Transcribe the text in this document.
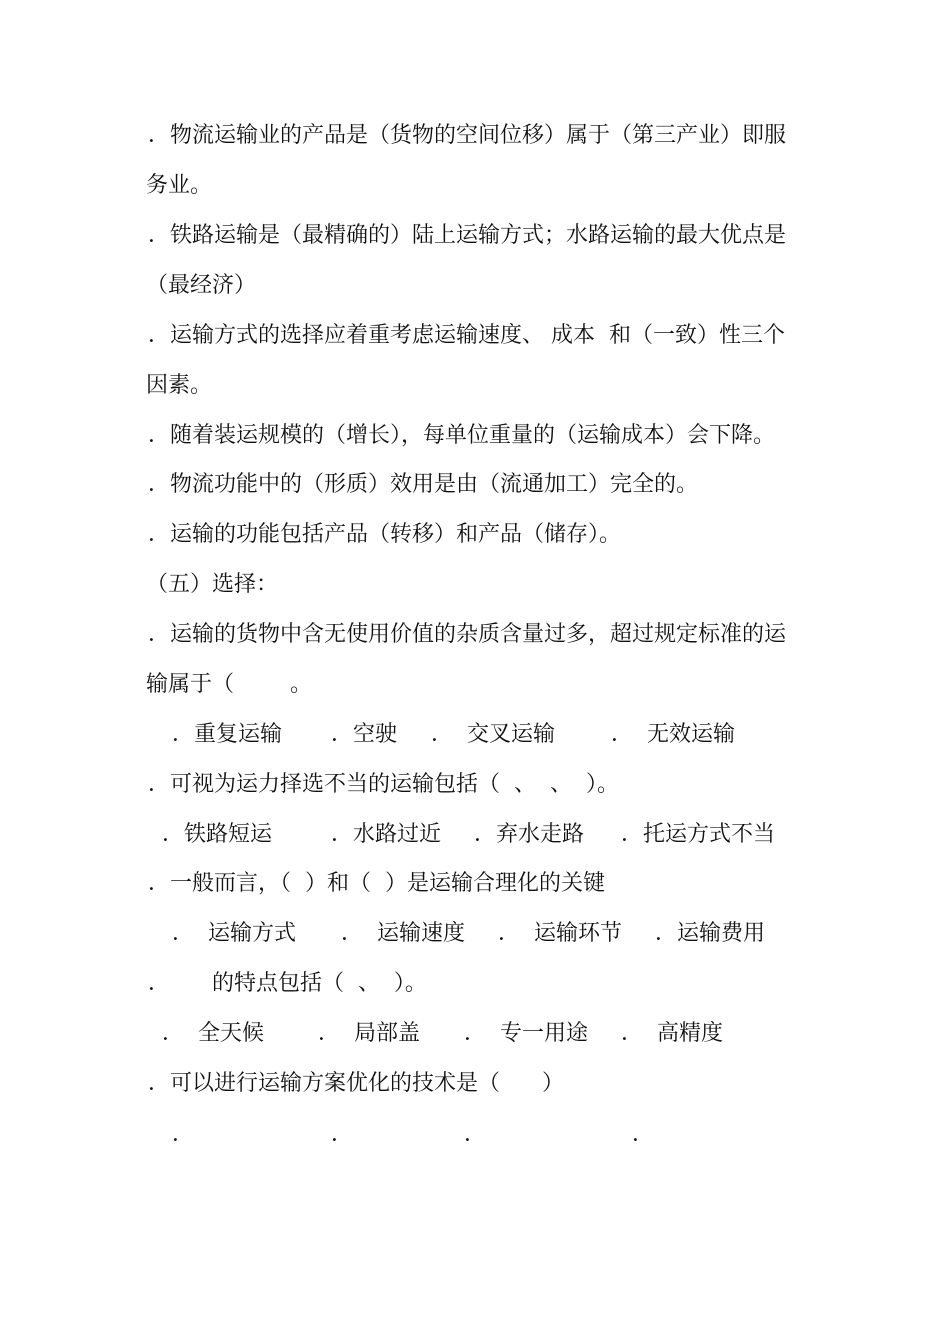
．物流运输业的产品是（货物的空间位移）属于（第三产业）即服
务业。
．铁路运输是（最精确的）陆上运输方式；水路运输的最大优点是
（最经济）
．运输方式的选择应着重考虑运输速度、 成本  和（一致）性三个
因素。
．随着装运规模的（增长），每单位重量的（运输成本）会下降。
．物流功能中的（形质）效用是由（流通加工）完全的。
．运输的功能包括产品（转移）和产品（储存）。
（五）选择：
．运输的货物中含无使用价值的杂质含量过多，超过规定标准的运
输属于（        。
．重复运输 ．空驶 ．  交叉运输	．  无效运输
．可视为运力择选不当的运输包括（  、  、  ）。
．铁路短运	．水路过近 ．弃水走路 ．托运方式不当
．一般而言，（  ）和（  ）是运输合理化的关键
．  运输方式 ．  运输速度 ．  运输环节 ．运输费用
．      的特点包括（  、  ）。
．  全天候 ．  局部盖 ．  专一用途 ．  高精度
．可以进行运输方案优化的技术是（      ）
．	．	．	．
